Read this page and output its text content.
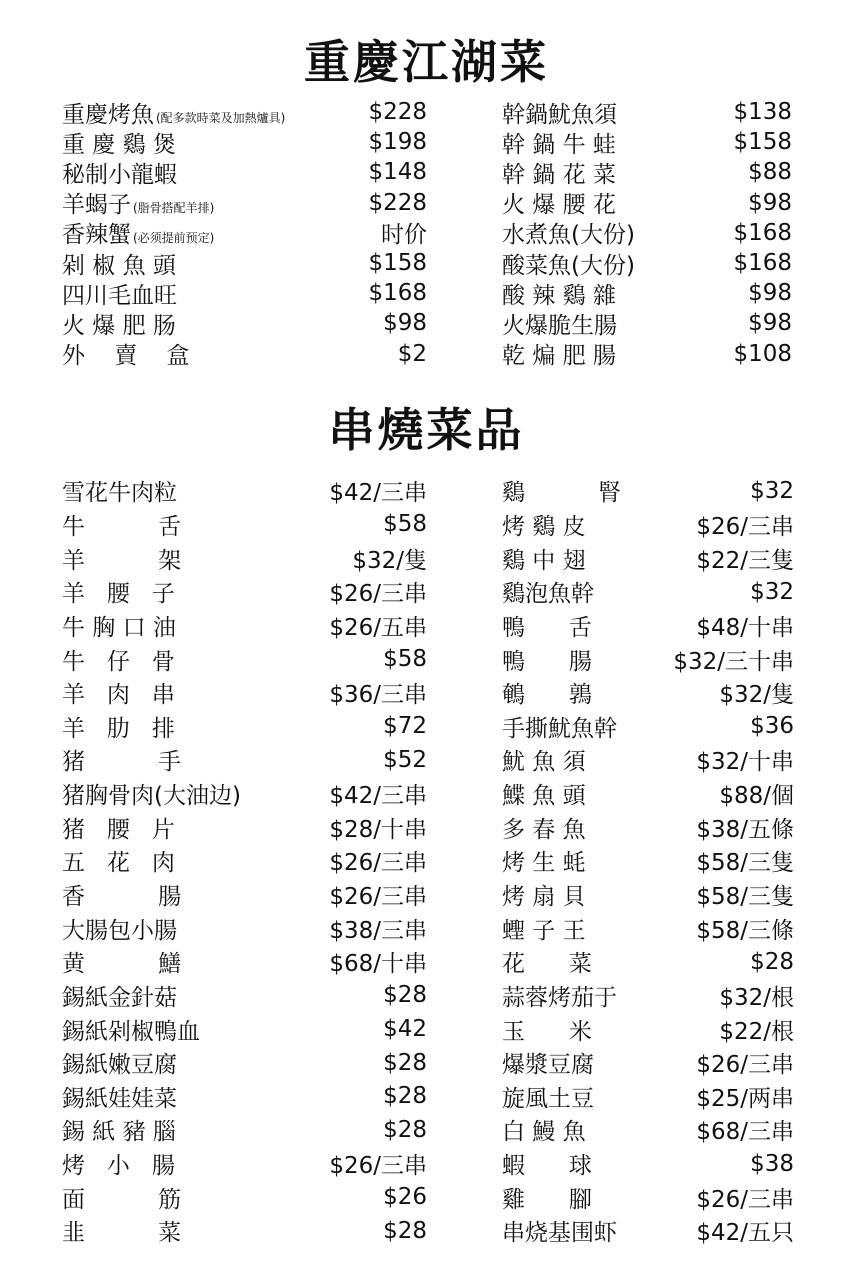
重慶江湖菜
重慶烤魚 (配多款時菜及加熱爐具)	$228
重 慶 鷄 煲	$198
秘制小龍蝦	$148
羊蝎子 (脂骨搭配羊排)	$228
香辣蟹 (必须提前预定)	时价
剁 椒 魚 頭	$158
四川毛血旺	$168
火 爆 肥 肠	$98
外    賣    盒	$2
幹鍋魷魚須	$138
幹 鍋 牛 蛙	$158
幹 鍋 花 菜	$88
火 爆 腰 花	$98
水煮魚(大份)	$168
酸菜魚(大份)	$168
酸 辣 鷄 雜	$98
火爆脆生腸	$98
乾 煸 肥 腸	$108
串燒菜品
雪花牛肉粒	$42/三串
牛          舌	$58
羊          架	$32/隻
羊   腰   子	$26/三串
牛 胸 口 油	$26/五串
牛   仔   骨	$58
羊   肉   串	$36/三串
羊   肋   排	$72
猪          手	$52
猪胸骨肉(大油边)	$42/三串
猪   腰   片	$28/十串
五   花   肉	$26/三串
香          腸	$26/三串
大腸包小腸	$38/三串
黄          鱔	$68/十串
錫紙金針菇	$28
錫紙剁椒鴨血	$42
錫紙嫩豆腐	$28
錫紙娃娃菜	$28
錫 紙 豬 腦	$28
烤   小   腸	$26/三串
面          筋	$26
韭          菜	$28
鷄          腎	$32
烤 鷄 皮	$26/三串
鷄 中 翅	$22/三隻
鷄泡魚幹	$32
鴨      舌	$48/十串
鴨      腸	$32/三十串
鵪      鶉	$32/隻
手撕魷魚幹	$36
魷 魚 須	$32/十串
鰈 魚 頭	$88/個
多 春 魚	$38/五條
烤 生 蚝	$58/三隻
烤 扇 貝	$58/三隻
蟶 子 王	$58/三條
花      菜	$28
蒜蓉烤茄于	$32/根
玉      米	$22/根
爆漿豆腐	$26/三串
旋風土豆	$25/两串
白 鰻 魚	$68/三串
蝦      球	$38
雞      腳	$26/三串
串烧基围虾	$42/五只
